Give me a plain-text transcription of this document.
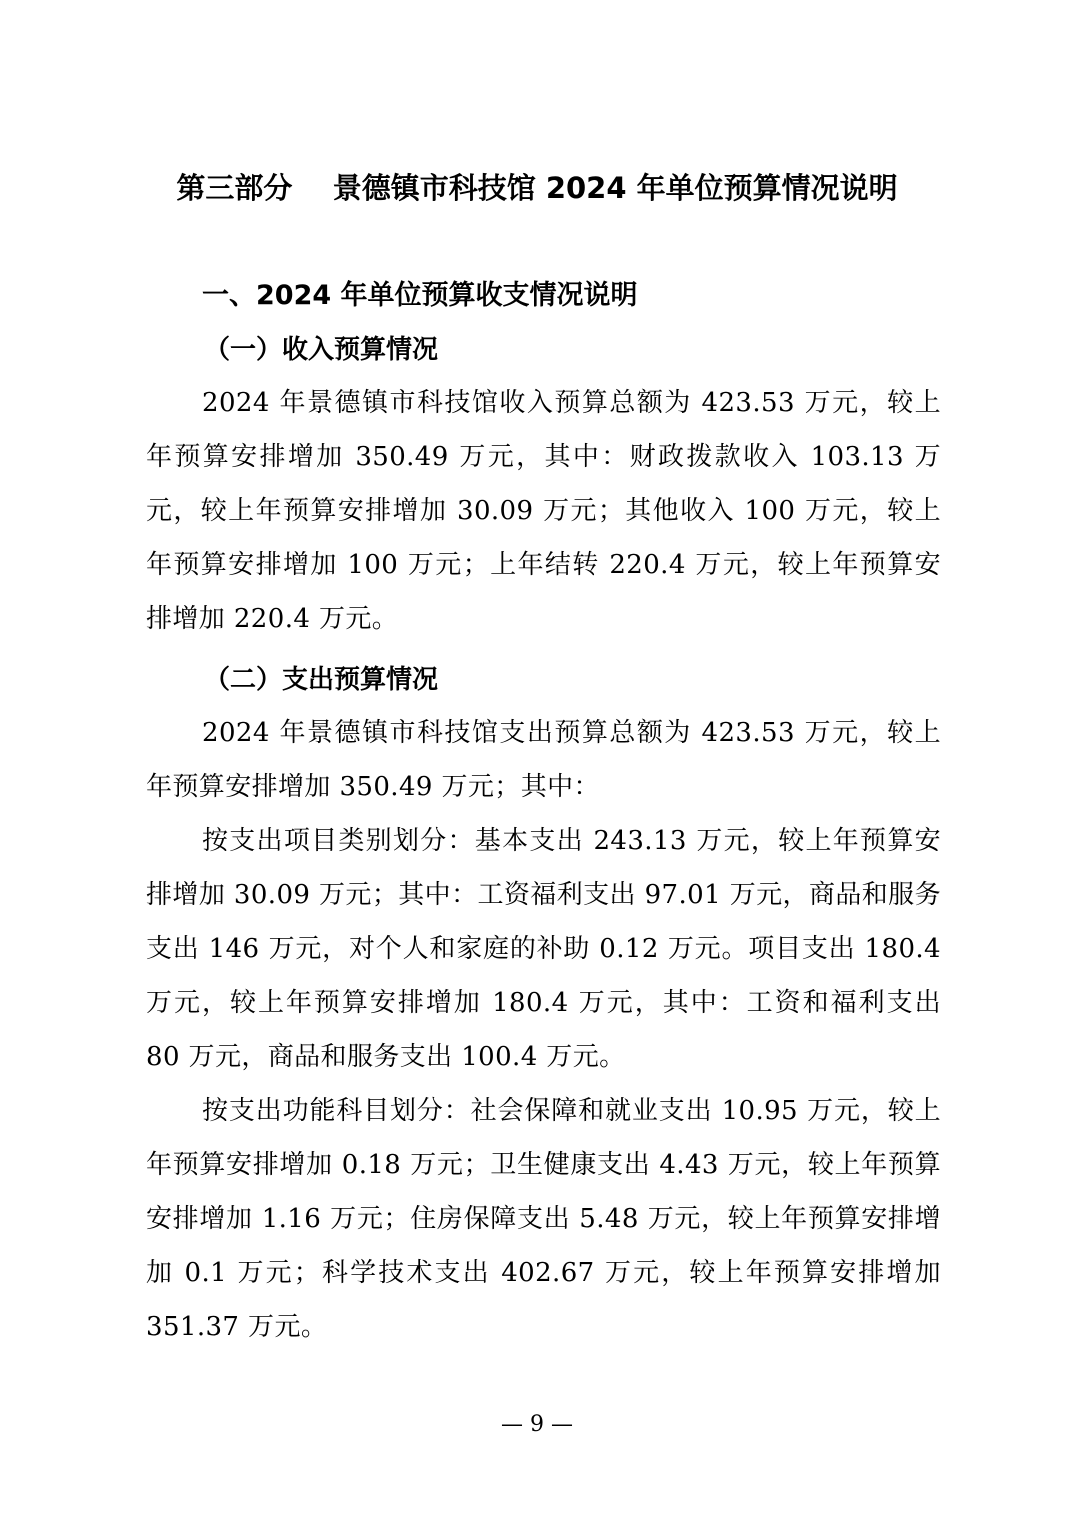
第三部分    景德镇市科技馆 2024 年单位预算情况说明
一、2024 年单位预算收支情况说明
（一）收入预算情况

2024 年景德镇市科技馆收入预算总额为 423.53 万元，较上年预算安排增加 350.49 万元，其中：财政拨款收入 103.13 万元，较上年预算安排增加 30.09 万元；其他收入 100 万元，较上年预算安排增加 100 万元；上年结转 220.4 万元，较上年预算安排增加 220.4 万元。

（二）支出预算情况

2024 年景德镇市科技馆支出预算总额为 423.53 万元，较上年预算安排增加 350.49 万元；其中：

按支出项目类别划分：基本支出 243.13 万元，较上年预算安排增加 30.09 万元；其中：工资福利支出 97.01 万元，商品和服务支出 146 万元，对个人和家庭的补助 0.12 万元。项目支出 180.4 万元，较上年预算安排增加 180.4 万元，其中：工资和福利支出 80 万元，商品和服务支出 100.4 万元。

按支出功能科目划分：社会保障和就业支出 10.95 万元，较上年预算安排增加 0.18 万元；卫生健康支出 4.43 万元，较上年预算安排增加 1.16 万元；住房保障支出 5.48 万元，较上年预算安排增加 0.1 万元；科学技术支出 402.67 万元，较上年预算安排增加 351.37 万元。

— 9 —
